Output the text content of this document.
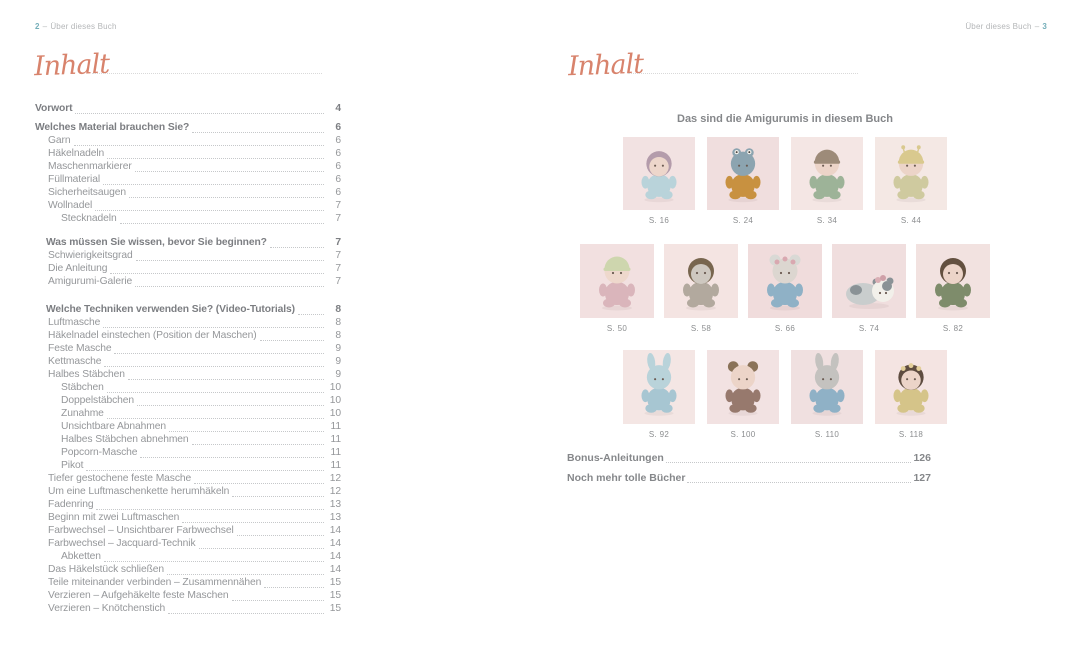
2 – Über dieses Buch
Inhalt
Vorwort	4
Welches Material brauchen Sie?	6
Garn	6
Häkelnadeln	6
Maschenmarkierer	6
Füllmaterial	6
Sicherheitsaugen	6
Wollnadel	7
Stecknadeln	7
Was müssen Sie wissen, bevor Sie beginnen?	7
Schwierigkeitsgrad	7
Die Anleitung	7
Amigurumi-Galerie	7
Welche Techniken verwenden Sie? (Video-Tutorials)	8
Luftmasche	8
Häkelnadel einstechen (Position der Maschen)	8
Feste Masche	9
Kettmasche	9
Halbes Stäbchen	9
Stäbchen	10
Doppelstäbchen	10
Zunahme	10
Unsichtbare Abnahmen	11
Halbes Stäbchen abnehmen	11
Popcorn-Masche	11
Pikot	11
Tiefer gestochene feste Masche	12
Um eine Luftmaschenkette herumhäkeln	12
Fadenring	13
Beginn mit zwei Luftmaschen	13
Farbwechsel – Unsichtbarer Farbwechsel	14
Farbwechsel – Jacquard-Technik	14
Abketten	14
Das Häkelstück schließen	14
Teile miteinander verbinden – Zusammennähen	15
Verzieren – Aufgehäkelte feste Maschen	15
Verzieren – Knötchenstich	15
Über dieses Buch – 3
Inhalt
Das sind die Amigurumis in diesem Buch
S. 16	S. 24	S. 34	S. 44
S. 50	S. 58	S. 66	S. 74	S. 82
S. 92	S. 100	S. 110	S. 118
Bonus-Anleitungen	126
Noch mehr tolle Bücher	127
